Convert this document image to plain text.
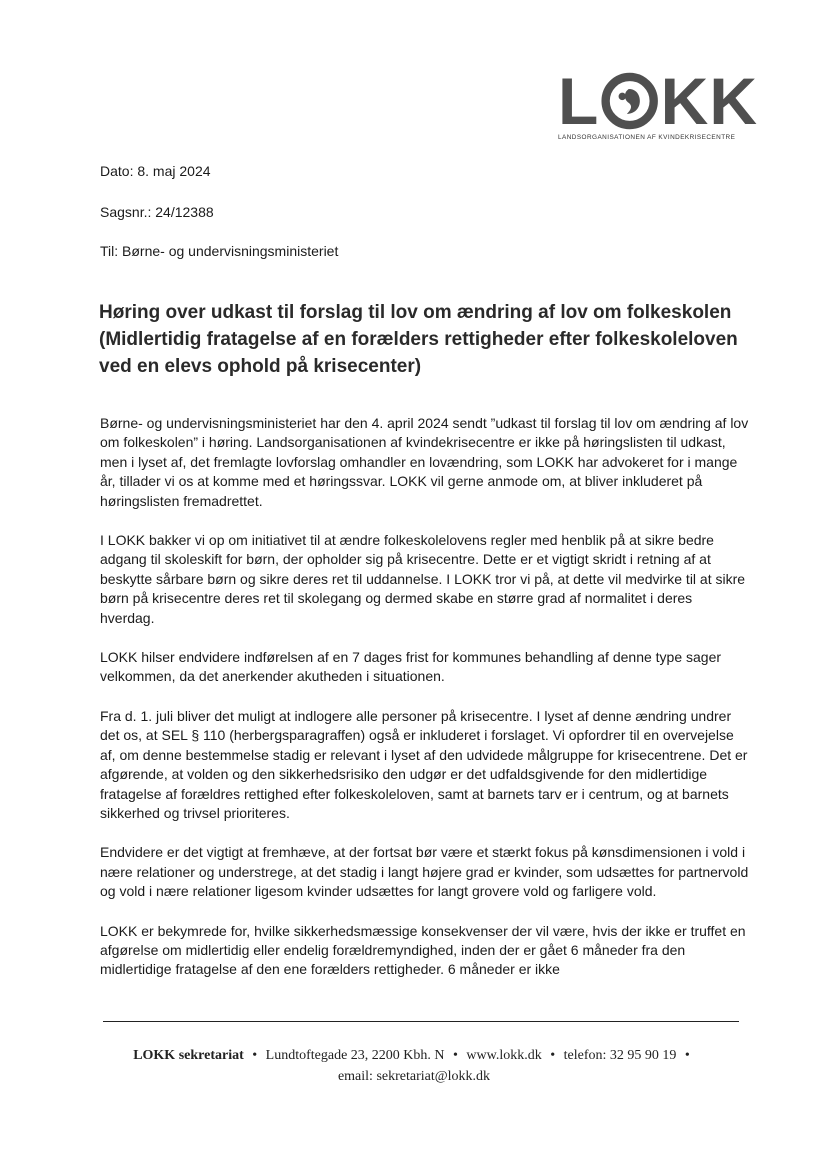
L KK
LANDSORGANISATIONEN AF KVINDEKRISECENTRE
Dato: 8. maj 2024
Sagsnr.: 24/12388
Til: Børne- og undervisningsministeriet
Høring over udkast til forslag til lov om ændring af lov om folkeskolen (Midlertidig fratagelse af en forælders rettigheder efter folkeskoleloven ved en elevs ophold på krisecenter)

Børne- og undervisningsministeriet har den 4. april 2024 sendt ”udkast til forslag til lov om ændring af lov om folkeskolen” i høring. Landsorganisationen af kvindekrisecentre er ikke på høringslisten til udkast, men i lyset af, det fremlagte lovforslag omhandler en lovændring, som LOKK har advokeret for i mange år, tillader vi os at komme med et høringssvar. LOKK vil gerne anmode om, at bliver inkluderet på høringslisten fremadrettet.

I LOKK bakker vi op om initiativet til at ændre folkeskolelovens regler med henblik på at sikre bedre adgang til skoleskift for børn, der opholder sig på krisecentre. Dette er et vigtigt skridt i retning af at beskytte sårbare børn og sikre deres ret til uddannelse. I LOKK tror vi på, at dette vil medvirke til at sikre børn på krisecentre deres ret til skolegang og dermed skabe en større grad af normalitet i deres hverdag.

LOKK hilser endvidere indførelsen af en 7 dages frist for kommunes behandling af denne type sager velkommen, da det anerkender akutheden i situationen.

Fra d. 1. juli bliver det muligt at indlogere alle personer på krisecentre. I lyset af denne ændring undrer det os, at SEL § 110 (herbergsparagraffen) også er inkluderet i forslaget. Vi opfordrer til en overvejelse af, om denne bestemmelse stadig er relevant i lyset af den udvidede målgruppe for krisecentrene. Det er afgørende, at volden og den sikkerhedsrisiko den udgør er det udfaldsgivende for den midlertidige fratagelse af forældres rettighed efter folkeskoleloven, samt at barnets tarv er i centrum, og at barnets sikkerhed og trivsel prioriteres.

Endvidere er det vigtigt at fremhæve, at der fortsat bør være et stærkt fokus på kønsdimensionen i vold i nære relationer og understrege, at det stadig i langt højere grad er kvinder, som udsættes for partnervold og vold i nære relationer ligesom kvinder udsættes for langt grovere vold og farligere vold.

LOKK er bekymrede for, hvilke sikkerhedsmæssige konsekvenser der vil være, hvis der ikke er truffet en afgørelse om midlertidig eller endelig forældremyndighed, inden der er gået 6 måneder fra den midlertidige fratagelse af den ene forælders rettigheder. 6 måneder er ikke

LOKK sekretariat • Lundtoftegade 23, 2200 Kbh. N • www.lokk.dk • telefon: 32 95 90 19 •
email: sekretariat@lokk.dk
